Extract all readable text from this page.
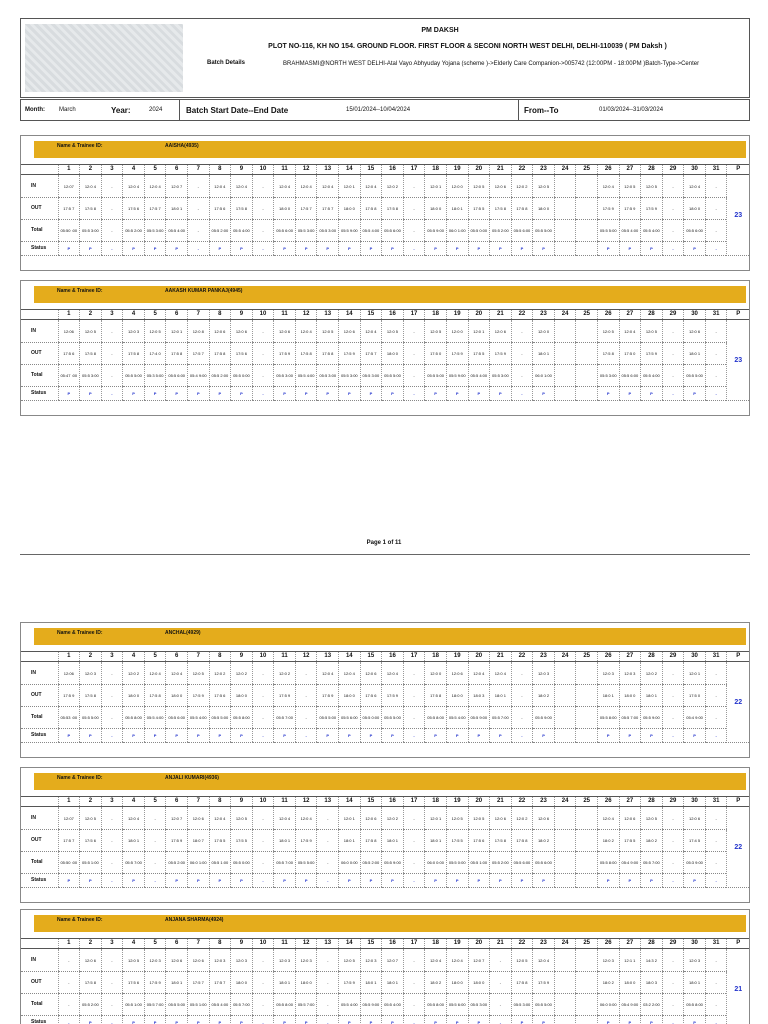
PM DAKSH
PLOT NO-116, KH NO 154. GROUND FLOOR. FIRST FLOOR & SECONI NORTH WEST DELHI, DELHI-110039 ( PM Daksh )
Batch Details	BRAHMASMI@NORTH WEST DELHI-Atal Vayo Abhyuday Yojana (scheme )->Elderly Care Companion->005742 (12:00PM - 18:00PM )Batch-Type->Center
Month: March	Year:	2024	Batch Start Date--End Date	15/01/2024--10/04/2024	From--To	01/03/2024--31/03/2024
Name & Trainee ID:	AAISHA(4935)
	1	2	3	4	5	6	7	8	9	10	11	12	13	14	15	16	17	18	19	20	21	22	23	24	25	26	27	28	29	30	31	P
IN	12:07	12:0 4	-	12:0 4	12:0 4	12:0 7	-	12:0 4	12:0 4	-	12:0 4	12:0 4	12:0 4	12:0 1	12:0 4	12:0 2	-	12:0 1	12:0 0	12:0 5	12:0 6	12:0 2	12:0 5			12:0 4	12:0 5	12:0 5	-	12:0 4	-	23
OUT	17:5 7	17:5 8	-	17:5 6	17:5 7	18:0 1	-	17:5 6	17:5 8	-	18:0 0	17:5 7	17:5 7	18:0 0	17:5 8	17:5 8	-	18:0 0	18:0 1	17:5 5	17:5 8	17:5 8	18:0 0			17:5 9	17:5 9	17:5 9	-	18:0 0	-	
Total	05:50 :00	05:5 3:00	-	05:5 2:00	05:5 3:00	05:5 4:00	-	05:5 2:00	05:5 4:00	-	05:5 6:00	05:5 3:00	05:5 3:00	05:5 9:00	05:5 4:00	05:5 6:00	-	05:5 9:00	06:0 1:00	05:5 0:00	05:5 2:00	05:5 6:00	05:5 5:00			05:5 5:00	05:5 4:00	05:5 4:00	-	05:5 6:00	-	
Status	P	P	-	P	P	P	-	P	P	-	P	P	P	P	P	P	-	P	P	P	P	P	P			P	P	P	-	P	-	
Name & Trainee ID:	AAKASH KUMAR PANKAJ(4945)
	1	2	3	4	5	6	7	8	9	10	11	12	13	14	15	16	17	18	19	20	21	22	23	24	25	26	27	28	29	30	31	P
IN	12:06	12:0 5	-	12:0 3	12:0 5	12:0 1	12:0 8	12:0 6	12:0 6	-	12:0 6	12:0 4	12:0 5	12:0 6	12:0 4	12:0 5	-	12:0 5	12:0 0	12:0 1	12:0 6	-	12:0 0			12:0 5	12:0 4	12:0 5	-	12:0 6	-	23
OUT	17:5 6	17:5 8	-	17:5 8	17:4 0	17:5 8	17:5 7	17:5 8	17:5 6	-	17:5 9	17:5 8	17:5 8	17:5 9	17:5 7	18:0 0	-	17:5 0	17:5 9	17:5 5	17:5 9	-	18:0 1			17:5 8	17:5 0	17:5 9	-	18:0 1	-	
Total	05:47 :00	05:5 3:00	-	05:5 5:00	05:3 5:00	05:5 6:00	05:4 9:00	05:5 2:00	05:5 0:00	-	05:5 3:00	05:5 4:00	05:5 3:00	05:5 3:00	05:5 3:00	05:5 5:00	-	05:5 5:00	05:5 9:00	05:5 4:00	05:5 3:00	-	06:0 1:00			05:5 3:00	05:5 6:00	05:5 4:00	-	05:5 5:00	-	
Status	P	P	-	P	P	P	P	P	P	-	P	P	P	P	P	P	-	P	P	P	P	-	P			P	P	P	-	P	-	
Name & Trainee ID:	ANCHAL(4929)
	1	2	3	4	5	6	7	8	9	10	11	12	13	14	15	16	17	18	19	20	21	22	23	24	25	26	27	28	29	30	31	P
IN	12:06	12:0 3	-	12:0 2	12:0 4	12:0 4	12:0 5	12:0 2	12:0 2	-	12:0 2	-	12:0 4	12:0 4	12:0 6	12:0 4	-	12:0 0	12:0 6	12:0 4	12:0 4	-	12:0 3			12:0 3	12:0 3	12:0 2	-	12:0 1	-	22
OUT	17:5 9	17:5 8	-	18:0 0	17:5 8	18:0 0	17:5 9	17:5 6	18:0 0	-	17:5 9	-	17:5 9	18:0 0	17:5 6	17:5 9	-	17:5 8	18:0 0	18:0 3	18:0 1	-	18:0 2			18:0 1	18:0 0	18:0 1	-	17:5 0	-	
Total	05:53 :00	05:5 5:00	-	05:5 8:00	05:5 4:00	05:5 6:00	05:5 4:00	05:5 5:00	05:5 8:00	-	05:5 7:00	-	05:5 5:00	05:5 6:00	05:5 0:00	05:5 5:00	-	05:5 8:00	05:5 4:00	05:5 9:00	05:5 7:00	-	05:5 9:00			05:5 8:00	05:5 7:00	05:5 9:00	-	05:4 9:00	-	
Status	P	P	-	P	P	P	P	P	P	-	P	-	P	P	P	P	-	P	P	P	P	-	P			P	P	P	-	P	-	
Name & Trainee ID:	ANJALI KUMARI(4936)
	1	2	3	4	5	6	7	8	9	10	11	12	13	14	15	16	17	18	19	20	21	22	23	24	25	26	27	28	29	30	31	P
IN	12:07	12:0 5	-	12:0 4	-	12:0 7	12:0 6	12:0 4	12:0 5	-	12:0 4	12:0 4	-	12:0 1	12:0 6	12:0 2	-	12:0 1	12:0 5	12:0 5	12:0 6	12:0 2	12:0 6			12:0 4	12:0 6	12:0 5	-	12:0 6	-	22
OUT	17:5 7	17:5 6	-	18:0 1	-	17:5 9	18:0 7	17:5 5	17:5 5	-	18:0 1	17:5 9	-	18:0 1	17:5 8	18:0 1	-	18:0 1	17:5 5	17:5 6	17:5 8	17:5 8	18:0 2			18:0 2	17:5 5	18:0 2	-	17:4 5	-	
Total	05:50 :00	05:5 1:00	-	05:5 7:00	-	05:5 2:00	06:0 1:00	05:5 1:00	05:5 0:00	-	05:5 7:00	05:5 5:00	-	06:0 0:00	05:5 2:00	05:5 9:00	-	06:0 0:00	05:5 0:00	05:5 1:00	05:5 2:00	05:5 6:00	05:5 6:00			05:5 8:00	05:4 9:00	05:5 7:00	-	05:3 9:00	-	
Status	P	P	-	P	-	P	P	P	P	-	P	P	-	P	P	P	-	P	P	P	P	P	P			P	P	P	-	P	-	
Name & Trainee ID:	ANJANA SHARMA(4924)
	1	2	3	4	5	6	7	8	9	10	11	12	13	14	15	16	17	18	19	20	21	22	23	24	25	26	27	28	29	30	31	P
IN	-	12:0 6	-	12:0 5	12:0 3	12:0 6	12:0 6	12:0 3	12:0 3	-	12:0 3	12:0 3	-	12:0 5	12:0 3	12:0 7	-	12:0 4	12:0 4	12:0 7	-	12:0 5	12:0 4			12:0 3	12:1 1	14:3 2	-	12:0 3	-	21
OUT	-	17:5 8	-	17:5 6	17:5 9	18:0 1	17:5 7	17:5 7	18:0 0	-	18:0 1	18:0 0	-	17:5 9	18:0 1	18:0 1	-	18:0 2	18:0 0	18:0 0	-	17:5 8	17:5 9			18:0 2	18:0 0	18:0 3	-	18:0 1	-	
Total	-	05:5 2:00	-	05:5 1:00	05:5 7:00	05:5 5:00	05:5 1:00	05:5 4:00	05:5 7:00	-	05:5 8:00	05:5 7:00	-	05:5 4:00	05:5 9:00	05:5 4:00	-	05:5 8:00	05:5 6:00	05:5 3:00	-	05:5 3:00	05:5 5:00			06:0 0:00	05:4 9:00	03:2 2:00	-	05:5 8:00	-	
Status	-	P	-	P	P	P	P	P	P	-	P	P	-	P	P	P	-	P	P	P	-	P	P			P	P	P	-	P	-	
Page 1 of 11
